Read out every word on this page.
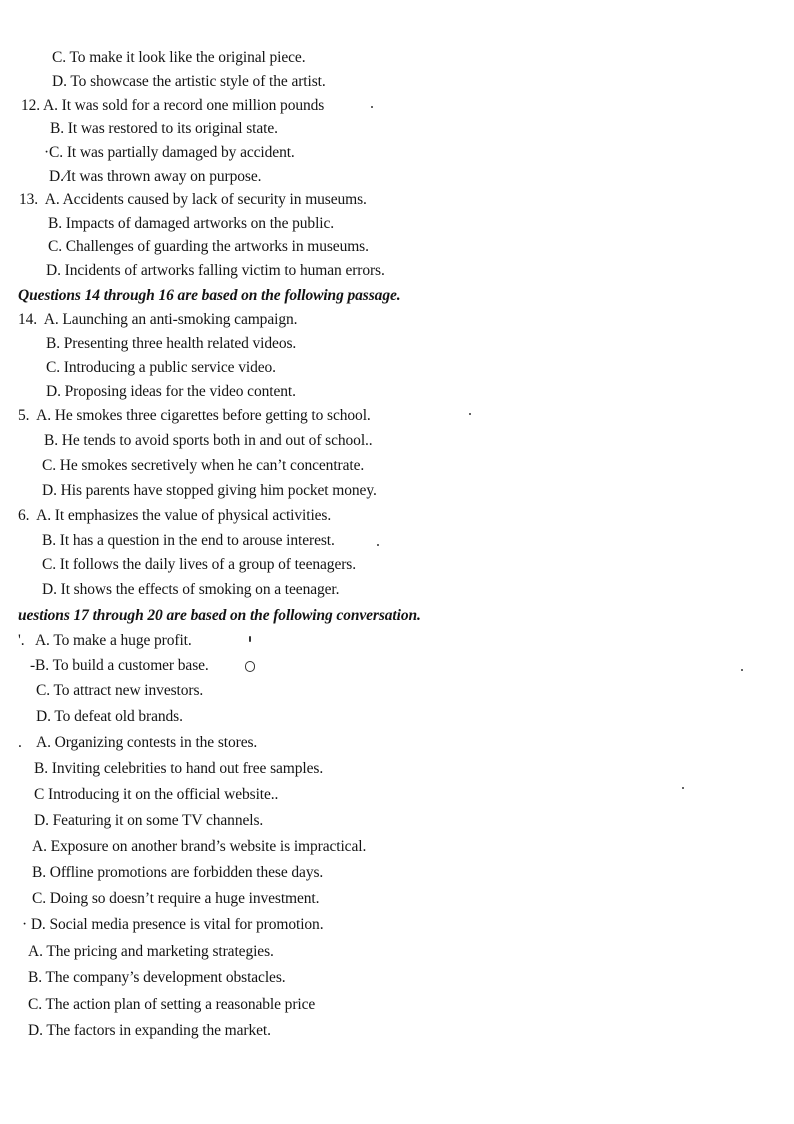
C. To make it look like the original piece.
D. To showcase the artistic style of the artist.
12. A. It was sold for a record one million pounds
B. It was restored to its original state.
·C. It was partially damaged by accident.
D.⁄It was thrown away on purpose.
13. A. Accidents caused by lack of security in museums.
B. Impacts of damaged artworks on the public.
C. Challenges of guarding the artworks in museums.
D. Incidents of artworks falling victim to human errors.
Questions 14 through 16 are based on the following passage.
14. A. Launching an anti-smoking campaign.
B. Presenting three health related videos.
C. Introducing a public service video.
D. Proposing ideas for the video content.
5. A. He smokes three cigarettes before getting to school.
B. He tends to avoid sports both in and out of school..
C. He smokes secretively when he can’t concentrate.
D. His parents have stopped giving him pocket money.
6. A. It emphasizes the value of physical activities.
B. It has a question in the end to arouse interest.
C. It follows the daily lives of a group of teenagers.
D. It shows the effects of smoking on a teenager.
uestions 17 through 20 are based on the following conversation.
'. A. To make a huge profit.
-B. To build a customer base.
C. To attract new investors.
D. To defeat old brands.
. A. Organizing contests in the stores.
B. Inviting celebrities to hand out free samples.
C Introducing it on the official website..
D. Featuring it on some TV channels.
A. Exposure on another brand’s website is impractical.
B. Offline promotions are forbidden these days.
C. Doing so doesn’t require a huge investment.
· D. Social media presence is vital for promotion.
A. The pricing and marketing strategies.
B. The company’s development obstacles.
C. The action plan of setting a reasonable price
D. The factors in expanding the market.
